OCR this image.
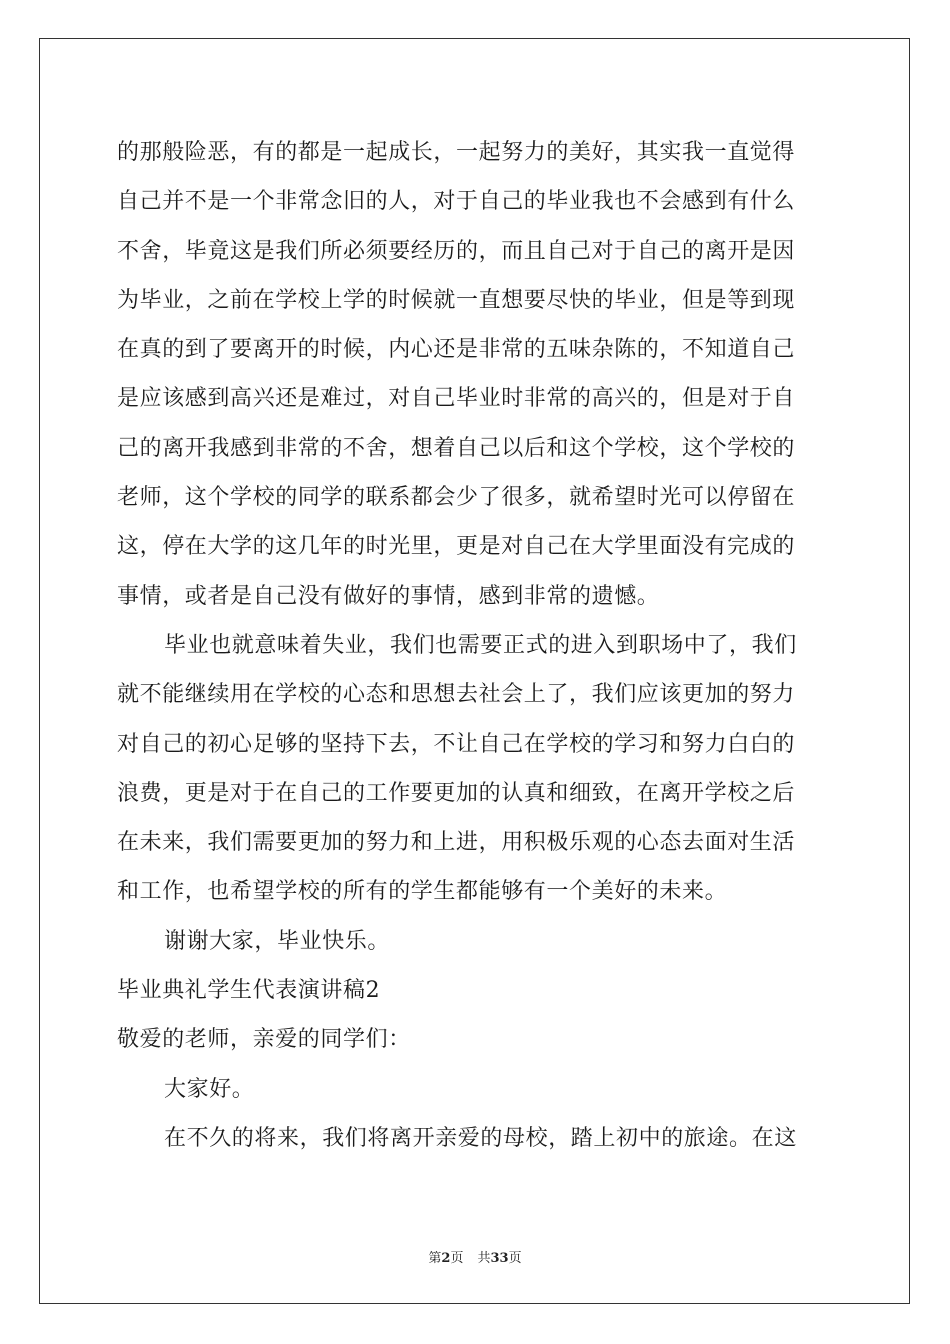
的那般险恶，有的都是一起成长，一起努力的美好，其实我一直觉得
自己并不是一个非常念旧的人，对于自己的毕业我也不会感到有什么
不舍，毕竟这是我们所必须要经历的，而且自己对于自己的离开是因
为毕业，之前在学校上学的时候就一直想要尽快的毕业，但是等到现
在真的到了要离开的时候，内心还是非常的五味杂陈的，不知道自己
是应该感到高兴还是难过，对自己毕业时非常的高兴的，但是对于自
己的离开我感到非常的不舍，想着自己以后和这个学校，这个学校的
老师，这个学校的同学的联系都会少了很多，就希望时光可以停留在
这，停在大学的这几年的时光里，更是对自己在大学里面没有完成的
事情，或者是自己没有做好的事情，感到非常的遗憾。
毕业也就意味着失业，我们也需要正式的进入到职场中了，我们
就不能继续用在学校的心态和思想去社会上了，我们应该更加的努力
对自己的初心足够的坚持下去，不让自己在学校的学习和努力白白的
浪费，更是对于在自己的工作要更加的认真和细致，在离开学校之后
在未来，我们需要更加的努力和上进，用积极乐观的心态去面对生活
和工作，也希望学校的所有的学生都能够有一个美好的未来。
谢谢大家，毕业快乐。
毕业典礼学生代表演讲稿2
敬爱的老师，亲爱的同学们：
大家好。
在不久的将来，我们将离开亲爱的母校，踏上初中的旅途。在这
第2页 共33页
